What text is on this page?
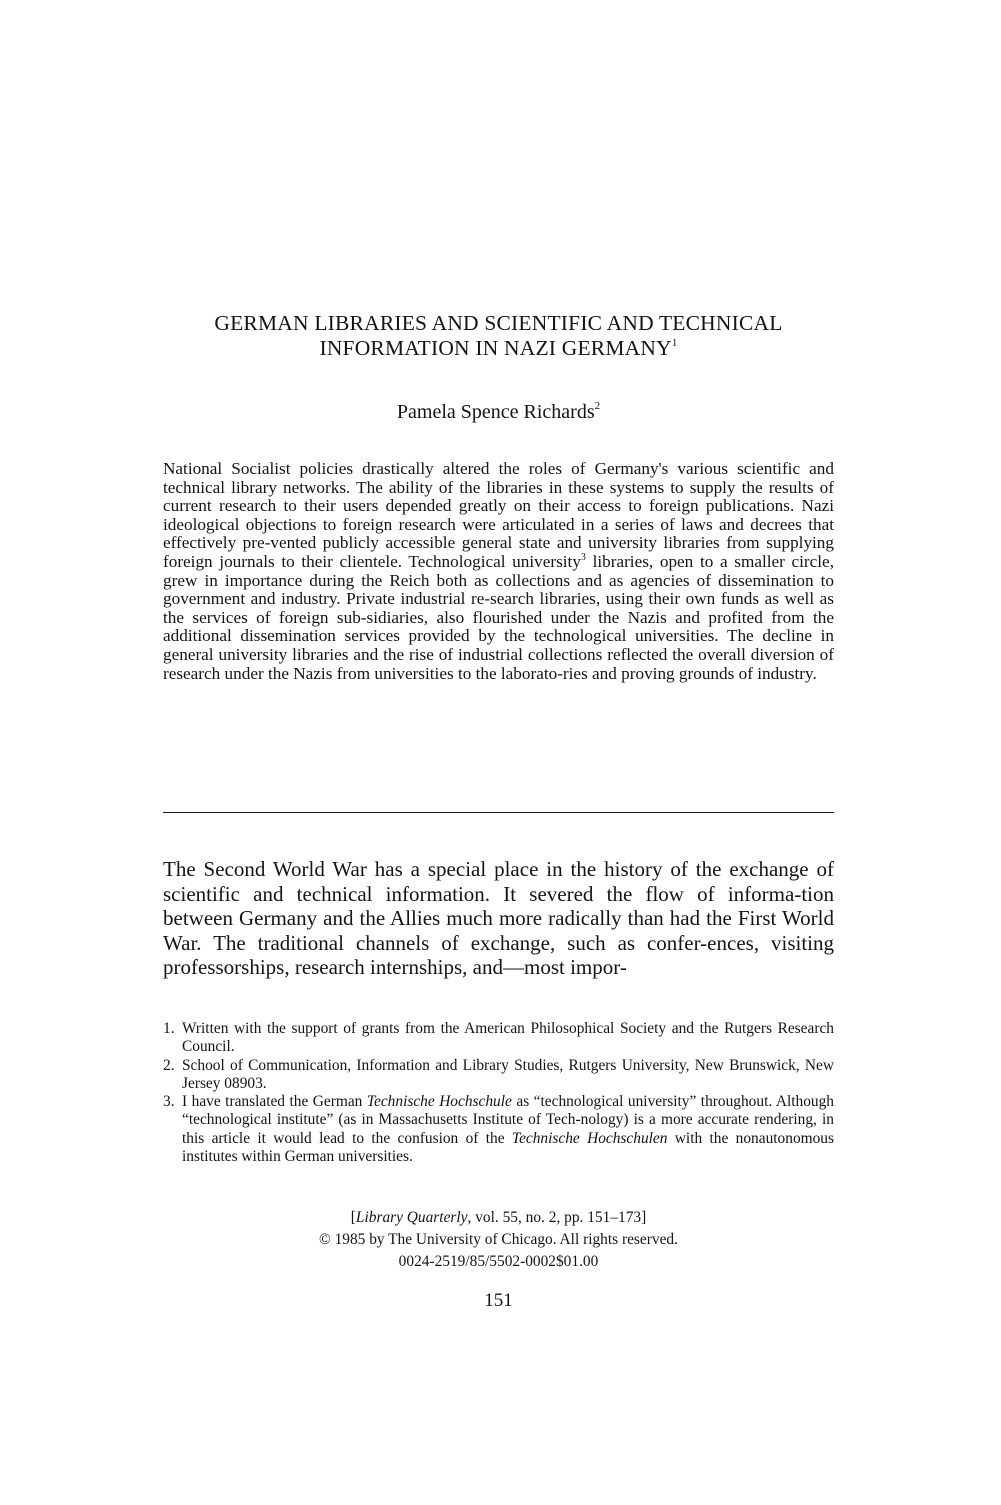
GERMAN LIBRARIES AND SCIENTIFIC AND TECHNICAL
INFORMATION IN NAZI GERMANY$^1$
Pamela Spence Richards$^2$

National Socialist policies drastically altered the roles of Germany's various scientific and technical library networks. The ability of the libraries in these systems to supply the results of current research to their users depended greatly on their access to foreign publications. Nazi ideological objections to foreign research were articulated in a series of laws and decrees that effectively pre-vented publicly accessible general state and university libraries from supplying foreign journals to their clientele. Technological university$^3$ libraries, open to a smaller circle, grew in importance during the Reich both as collections and as agencies of dissemination to government and industry. Private industrial re-search libraries, using their own funds as well as the services of foreign sub-sidiaries, also flourished under the Nazis and profited from the additional dissemination services provided by the technological universities. The decline in general university libraries and the rise of industrial collections reflected the overall diversion of research under the Nazis from universities to the laborato-ries and proving grounds of industry.

The Second World War has a special place in the history of the exchange of scientific and technical information. It severed the flow of informa-tion between Germany and the Allies much more radically than had the First World War. The traditional channels of exchange, such as confer-ences, visiting professorships, research internships, and—most impor-

1. Written with the support of grants from the American Philosophical Society and the Rutgers Research Council.
2. School of Communication, Information and Library Studies, Rutgers University, New Brunswick, New Jersey 08903.
3. I have translated the German Technische Hochschule as “technological university” throughout. Although “technological institute” (as in Massachusetts Institute of Tech-nology) is a more accurate rendering, in this article it would lead to the confusion of the Technische Hochschulen with the nonautonomous institutes within German universities.
[Library Quarterly, vol. 55, no. 2, pp. 151–173]
© 1985 by The University of Chicago. All rights reserved.
0024-2519/85/5502-0002$01.00
151
